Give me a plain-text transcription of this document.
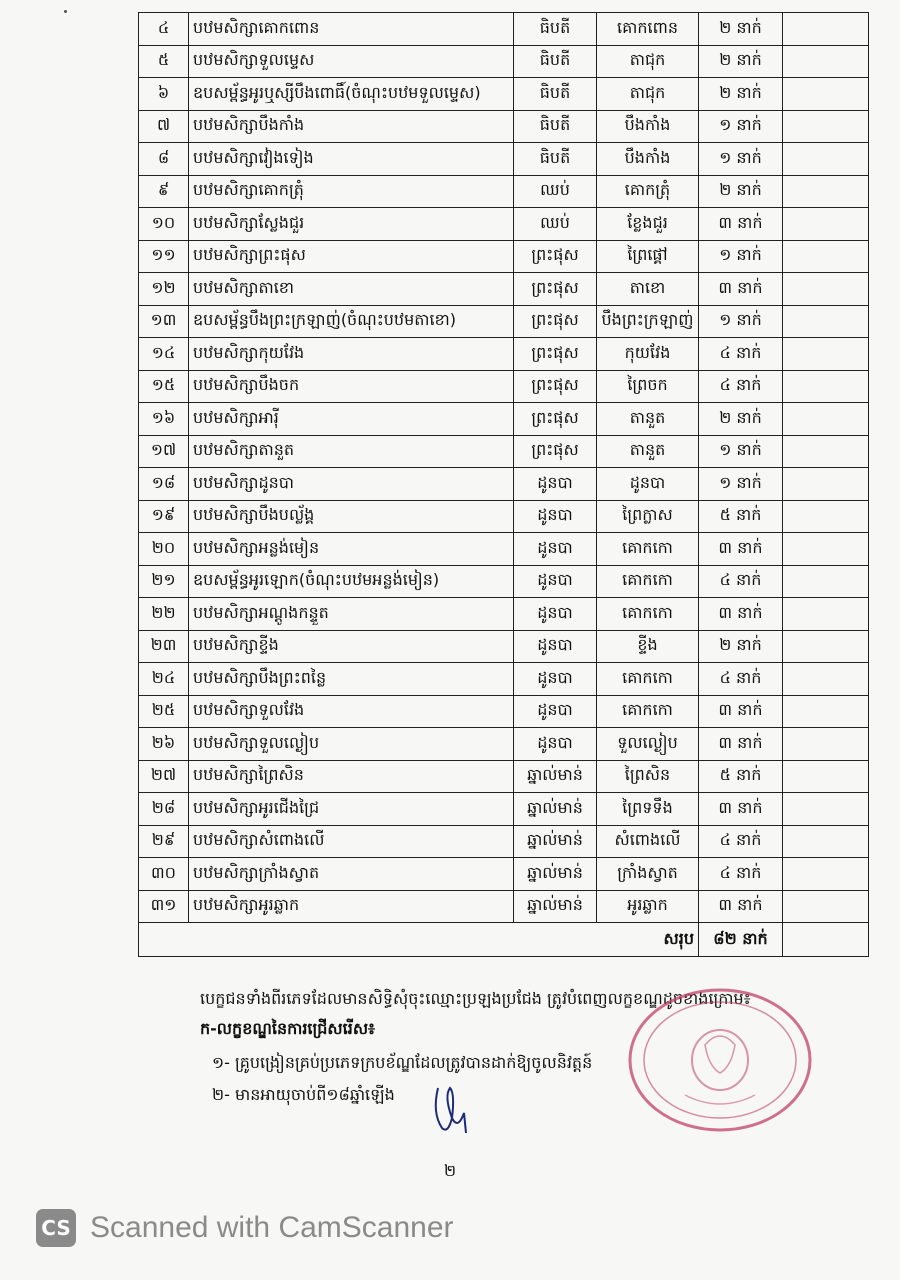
៤	បឋមសិក្សាគោកពោន	ធិបតី	គោកពោន	២ នាក់	
៥	បឋមសិក្សាទួលម្ទេស	ធិបតី	តាជុក	២ នាក់	
៦	ឧបសម្ព័ន្ធអូរឬស្សីបឹងពោធិ៍(ចំណុះបឋមទួលម្ទេស)	ធិបតី	តាជុក	២ នាក់	
៧	បឋមសិក្សាបឹងកាំង	ធិបតី	បឹងកាំង	១ នាក់	
៨	បឋមសិក្សាវៀងទៀង	ធិបតី	បឹងកាំង	១ នាក់	
៩	បឋមសិក្សាគោកត្រុំ	ឈប់	គោកត្រុំ	២ នាក់	
១០	បឋមសិក្សាស្លែងជួរ	ឈប់	ខ្លែងជួរ	៣ នាក់	
១១	បឋមសិក្សាព្រះផុស	ព្រះផុស	ព្រៃផ្គៅ	១ នាក់	
១២	បឋមសិក្សាតាខោ	ព្រះផុស	តាខោ	៣ នាក់	
១៣	ឧបសម្ព័ន្ធបឹងព្រះក្រឡាញ់(ចំណុះបឋមតាខោ)	ព្រះផុស	បឹងព្រះក្រឡាញ់	១ នាក់	
១៤	បឋមសិក្សាកុយវែង	ព្រះផុស	កុយវែង	៤ នាក់	
១៥	បឋមសិក្សាបឹងចក	ព្រះផុស	ព្រៃចក	៤ នាក់	
១៦	បឋមសិក្សាអារ៉ី	ព្រះផុស	តានួត	២ នាក់	
១៧	បឋមសិក្សាតានួត	ព្រះផុស	តានួត	១ នាក់	
១៨	បឋមសិក្សាដូនបា	ដូនបា	ដូនបា	១ នាក់	
១៩	បឋមសិក្សាបឹងបល្ល័ង្គ	ដូនបា	ព្រៃក្លាស	៥ នាក់	
២០	បឋមសិក្សាអន្លង់មៀន	ដូនបា	គោកកោ	៣ នាក់	
២១	ឧបសម្ព័ន្ធអូរឡោក(ចំណុះបឋមអន្លង់មៀន)	ដូនបា	គោកកោ	៤ នាក់	
២២	បឋមសិក្សាអណ្តូងកន្ទួត	ដូនបា	គោកកោ	៣ នាក់	
២៣	បឋមសិក្សាខ្ទីង	ដូនបា	ខ្ទីង	២ នាក់	
២៤	បឋមសិក្សាបឹងព្រះពន្លៃ	ដូនបា	គោកកោ	៤ នាក់	
២៥	បឋមសិក្សាទួលវែង	ដូនបា	គោកកោ	៣ នាក់	
២៦	បឋមសិក្សាទួលល្ងៀប	ដូនបា	ទួលល្ងៀប	៣ នាក់	
២៧	បឋមសិក្សាព្រៃសិន	ឆ្នាល់មាន់	ព្រៃសិន	៥ នាក់	
២៨	បឋមសិក្សាអូរជើងជ្រៃ	ឆ្នាល់មាន់	ព្រៃទទឹង	៣ នាក់	
២៩	បឋមសិក្សាសំពោងលើ	ឆ្នាល់មាន់	សំពោងលើ	៤ នាក់	
៣០	បឋមសិក្សាក្រាំងស្វាត	ឆ្នាល់មាន់	ក្រាំងស្វាត	៤ នាក់	
៣១	បឋមសិក្សាអូរឆ្លាក	ឆ្នាល់មាន់	អូរឆ្លាក	៣ នាក់	
សរុប				៨២ នាក់	
បេក្ខជនទាំងពីរភេទដែលមានសិទ្ធិសុំចុះឈ្មោះប្រឡងប្រជែង ត្រូវបំពេញលក្ខខណ្ឌដូចខាងក្រោម៖
ក-លក្ខខណ្ឌនៃការជ្រើសរើស៖
១- គ្រូបង្រៀនគ្រប់ប្រភេទក្របខ័ណ្ឌដែលត្រូវបានដាក់ឱ្យចូលនិវត្តន៍
២- មានអាយុចាប់ពី១៨ឆ្នាំឡើង
២
CS Scanned with CamScanner
